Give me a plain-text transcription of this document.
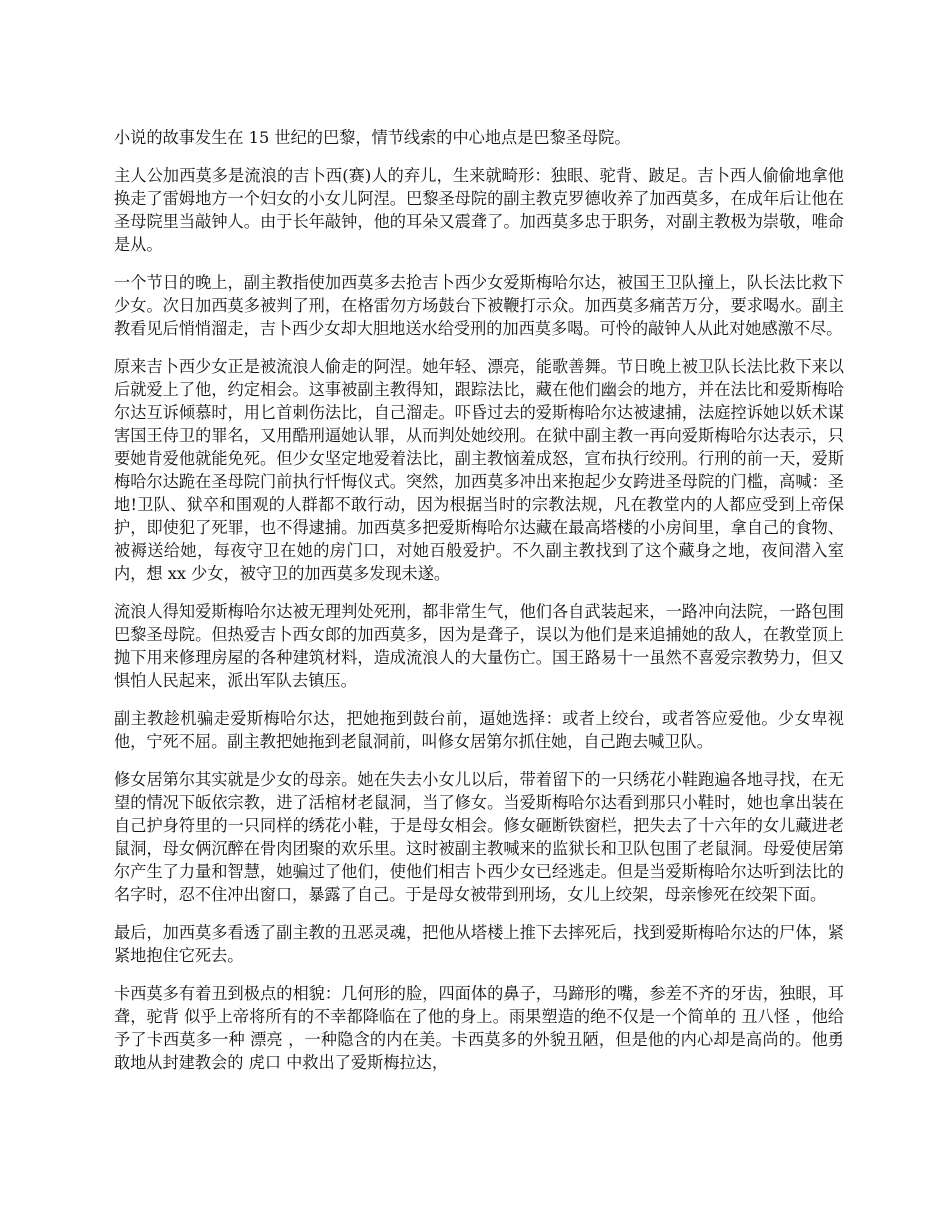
小说的故事发生在 15 世纪的巴黎，情节线索的中心地点是巴黎圣母院。

主人公加西莫多是流浪的吉卜西(赛)人的弃儿，生来就畸形：独眼、驼背、跛足。吉卜西人偷偷地拿他换走了雷姆地方一个妇女的小女儿阿涅。巴黎圣母院的副主教克罗德收养了加西莫多，在成年后让他在圣母院里当敲钟人。由于长年敲钟，他的耳朵又震聋了。加西莫多忠于职务，对副主教极为崇敬，唯命是从。

一个节日的晚上，副主教指使加西莫多去抢吉卜西少女爱斯梅哈尔达，被国王卫队撞上，队长法比救下少女。次日加西莫多被判了刑，在格雷勿方场鼓台下被鞭打示众。加西莫多痛苦万分，要求喝水。副主教看见后悄悄溜走，吉卜西少女却大胆地送水给受刑的加西莫多喝。可怜的敲钟人从此对她感激不尽。

原来吉卜西少女正是被流浪人偷走的阿涅。她年轻、漂亮，能歌善舞。节日晚上被卫队长法比救下来以后就爱上了他，约定相会。这事被副主教得知，跟踪法比，藏在他们幽会的地方，并在法比和爱斯梅哈尔达互诉倾慕时，用匕首刺伤法比，自己溜走。吓昏过去的爱斯梅哈尔达被逮捕，法庭控诉她以妖术谋害国王侍卫的罪名，又用酷刑逼她认罪，从而判处她绞刑。在狱中副主教一再向爱斯梅哈尔达表示，只要她肯爱他就能免死。但少女坚定地爱着法比，副主教恼羞成怒，宣布执行绞刑。行刑的前一天，爱斯梅哈尔达跪在圣母院门前执行忏悔仪式。突然，加西莫多冲出来抱起少女跨进圣母院的门槛，高喊：圣地!卫队、狱卒和围观的人群都不敢行动，因为根据当时的宗教法规，凡在教堂内的人都应受到上帝保护，即使犯了死罪，也不得逮捕。加西莫多把爱斯梅哈尔达藏在最高塔楼的小房间里，拿自己的食物、被褥送给她，每夜守卫在她的房门口，对她百般爱护。不久副主教找到了这个藏身之地，夜间潜入室内，想 xx 少女，被守卫的加西莫多发现未遂。

流浪人得知爱斯梅哈尔达被无理判处死刑，都非常生气，他们各自武装起来，一路冲向法院，一路包围巴黎圣母院。但热爱吉卜西女郎的加西莫多，因为是聋子，误以为他们是来追捕她的敌人，在教堂顶上抛下用来修理房屋的各种建筑材料，造成流浪人的大量伤亡。国王路易十一虽然不喜爱宗教势力，但又惧怕人民起来，派出军队去镇压。

副主教趁机骗走爱斯梅哈尔达，把她拖到鼓台前，逼她选择：或者上绞台，或者答应爱他。少女卑视他，宁死不屈。副主教把她拖到老鼠洞前，叫修女居第尔抓住她，自己跑去喊卫队。

修女居第尔其实就是少女的母亲。她在失去小女儿以后，带着留下的一只绣花小鞋跑遍各地寻找，在无望的情况下皈依宗教，进了活棺材老鼠洞，当了修女。当爱斯梅哈尔达看到那只小鞋时，她也拿出装在自己护身符里的一只同样的绣花小鞋，于是母女相会。修女砸断铁窗栏，把失去了十六年的女儿藏进老鼠洞，母女俩沉醉在骨肉团聚的欢乐里。这时被副主教喊来的监狱长和卫队包围了老鼠洞。母爱使居第尔产生了力量和智慧，她骗过了他们，使他们相吉卜西少女已经逃走。但是当爱斯梅哈尔达听到法比的名字时，忍不住冲出窗口，暴露了自己。于是母女被带到刑场，女儿上绞架，母亲惨死在绞架下面。

最后，加西莫多看透了副主教的丑恶灵魂，把他从塔楼上推下去摔死后，找到爱斯梅哈尔达的尸体，紧紧地抱住它死去。

卡西莫多有着丑到极点的相貌：几何形的脸，四面体的鼻子，马蹄形的嘴，参差不齐的牙齿，独眼，耳聋，驼背 似乎上帝将所有的不幸都降临在了他的身上。雨果塑造的绝不仅是一个简单的 丑八怪 ，他给予了卡西莫多一种 漂亮 ，一种隐含的内在美。卡西莫多的外貌丑陋，但是他的内心却是高尚的。他勇敢地从封建教会的 虎口 中救出了爱斯梅拉达，
